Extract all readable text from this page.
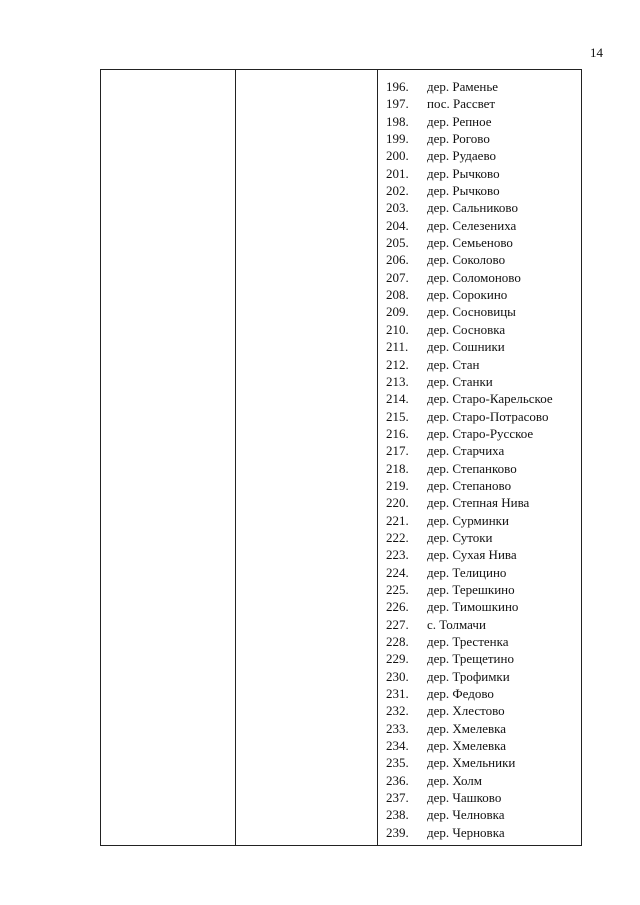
14
196.	дер. Раменье
197.	пос. Рассвет
198.	дер. Репное
199.	дер. Рогово
200.	дер. Рудаево
201.	дер. Рычково
202.	дер. Рычково
203.	дер. Сальниково
204.	дер. Селезениха
205.	дер. Семьеново
206.	дер. Соколово
207.	дер. Соломоново
208.	дер. Сорокино
209.	дер. Сосновицы
210.	дер. Сосновка
211.	дер. Сошники
212.	дер. Стан
213.	дер. Станки
214.	дер. Старо-Карельское
215.	дер. Старо-Потрасово
216.	дер. Старо-Русское
217.	дер. Старчиха
218.	дер. Степанково
219.	дер. Степаново
220.	дер. Степная Нива
221.	дер. Сурминки
222.	дер. Сутоки
223.	дер. Сухая Нива
224.	дер. Телицино
225.	дер. Терешкино
226.	дер. Тимошкино
227.	с. Толмачи
228.	дер. Трестенка
229.	дер. Трещетино
230.	дер. Трофимки
231.	дер. Федово
232.	дер. Хлестово
233.	дер. Хмелевка
234.	дер. Хмелевка
235.	дер. Хмельники
236.	дер. Холм
237.	дер. Чашково
238.	дер. Челновка
239.	дер. Черновка
